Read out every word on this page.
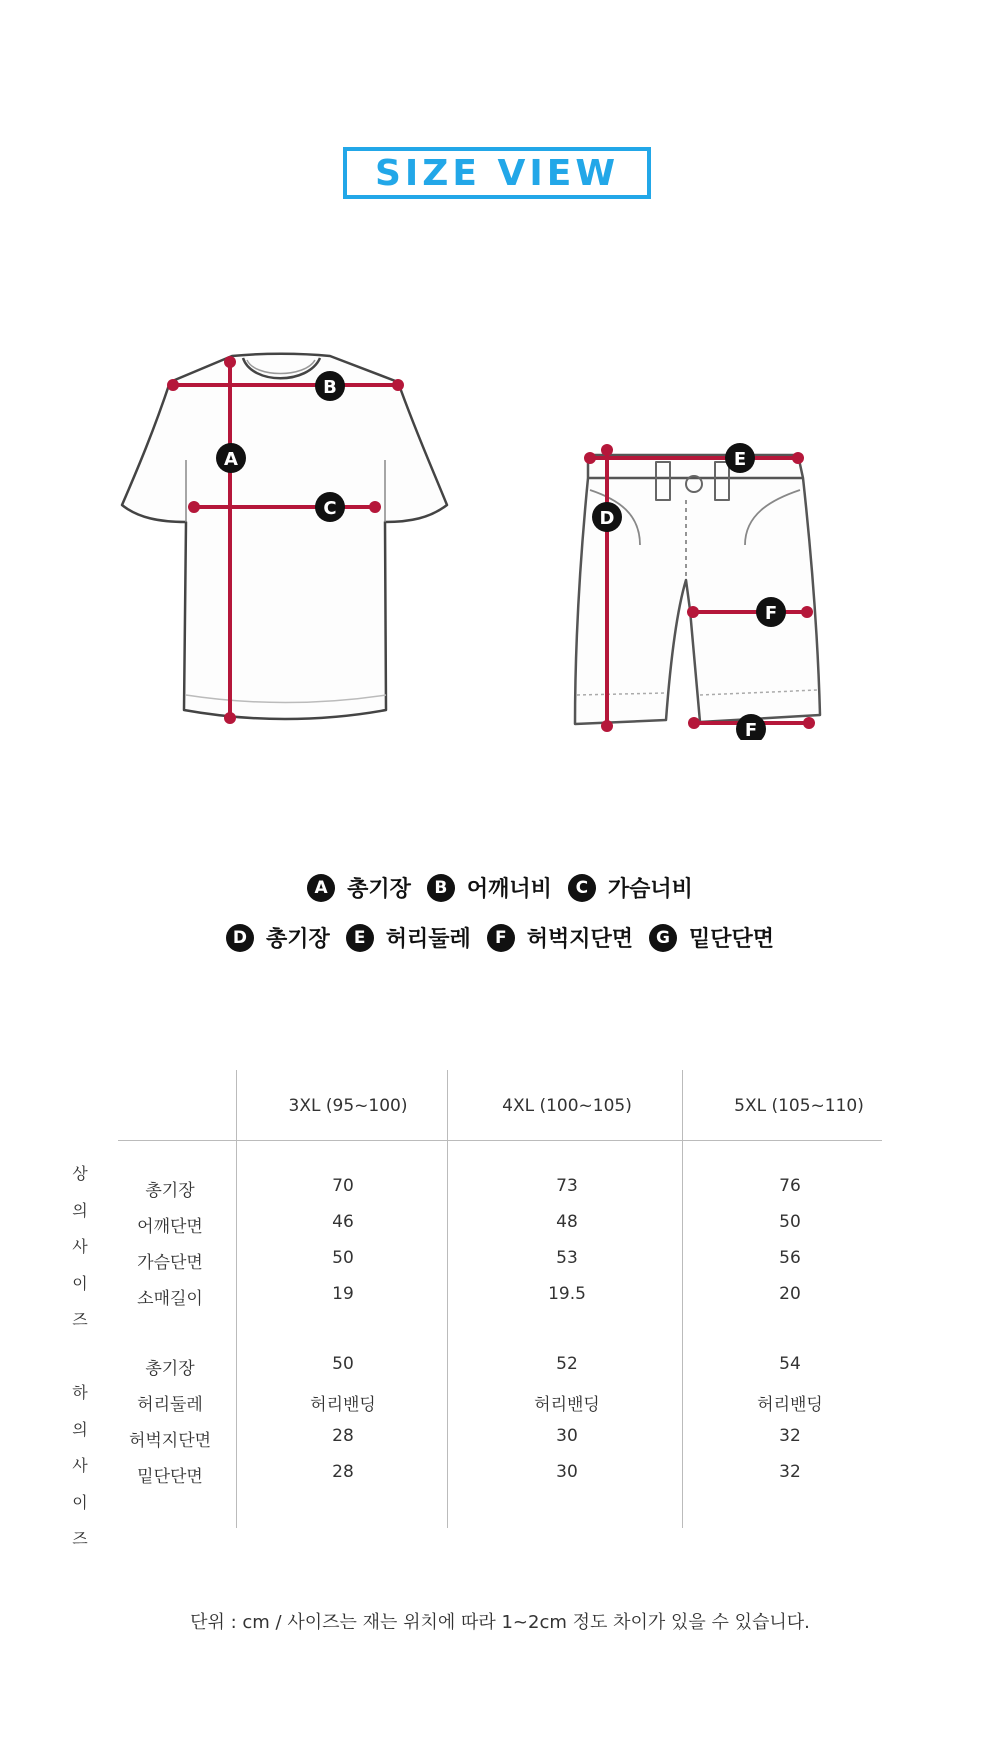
SIZE VIEW
A
B
C	D
E
F
F
A 총기장	B 어깨너비	C 가슴너비
D 총기장	E 허리둘레	F 허벅지단면	G 밑단단면
3XL (95~100)	4XL (100~105)	5XL (105~110)
상
의
사
이
즈
하
의
사
이
즈
총기장	70	73	76
어깨단면	46	48	50
가슴단면	50	53	56
소매길이	19	19.5	20
총기장	50	52	54
허리둘레	허리밴딩	허리밴딩	허리밴딩
허벅지단면	28	30	32
밑단단면	28	30	32
단위 : cm / 사이즈는 재는 위치에 따라 1~2cm 정도 차이가 있을 수 있습니다.
